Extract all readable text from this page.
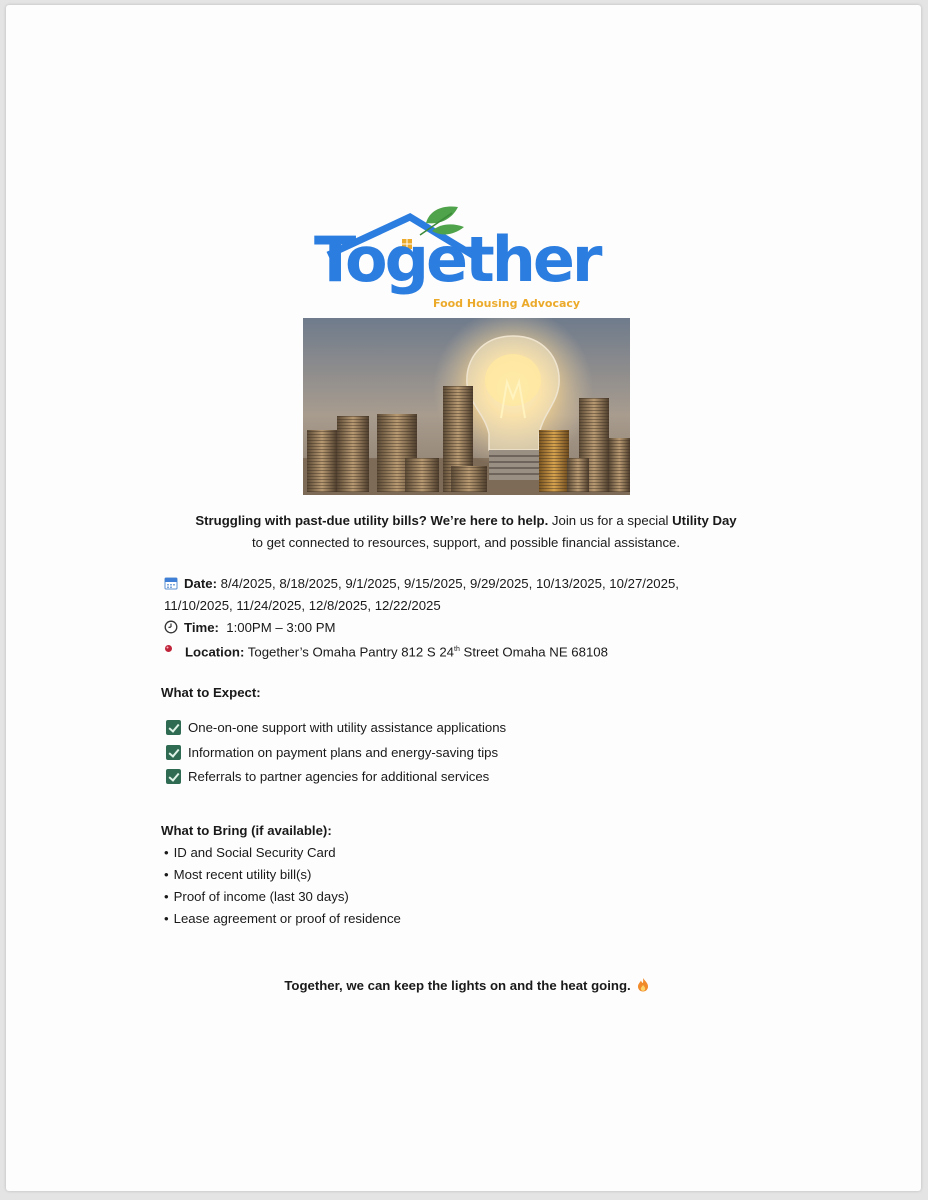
Together
Food Housing Advocacy
Struggling with past-due utility bills? We’re here to help. Join us for a special Utility Day
to get connected to resources, support, and possible financial assistance.
Date: 8/4/2025, 8/18/2025, 9/1/2025, 9/15/2025, 9/29/2025, 10/13/2025, 10/27/2025,
11/10/2025, 11/24/2025, 12/8/2025, 12/22/2025
Time: 1:00PM – 3:00 PM
Location: Together’s Omaha Pantry 812 S 24th Street Omaha NE 68108
What to Expect:
One-on-one support with utility assistance applications
Information on payment plans and energy-saving tips
Referrals to partner agencies for additional services
What to Bring (if available):
• ID and Social Security Card
• Most recent utility bill(s)
• Proof of income (last 30 days)
• Lease agreement or proof of residence
Together, we can keep the lights on and the heat going.
